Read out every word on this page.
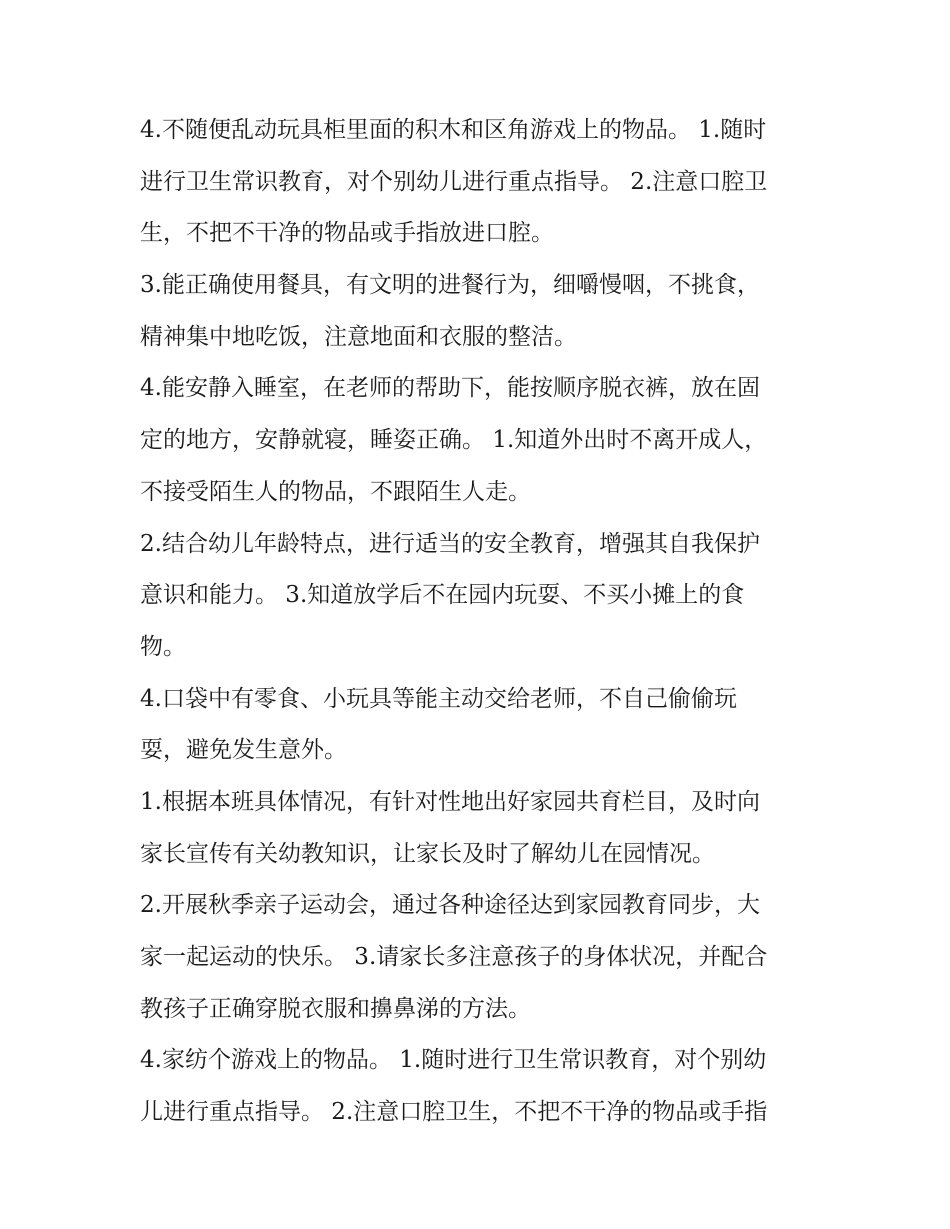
4.不随便乱动玩具柜里面的积木和区角游戏上的物品。 1.随时
进行卫生常识教育，对个别幼儿进行重点指导。 2.注意口腔卫
生，不把不干净的物品或手指放进口腔。
3.能正确使用餐具，有文明的进餐行为，细嚼慢咽，不挑食，
精神集中地吃饭，注意地面和衣服的整洁。
4.能安静入睡室，在老师的帮助下，能按顺序脱衣裤，放在固
定的地方，安静就寝，睡姿正确。 1.知道外出时不离开成人，
不接受陌生人的物品，不跟陌生人走。
2.结合幼儿年龄特点，进行适当的安全教育，增强其自我保护
意识和能力。 3.知道放学后不在园内玩耍、不买小摊上的食
物。
4.口袋中有零食、小玩具等能主动交给老师，不自己偷偷玩
耍，避免发生意外。
1.根据本班具体情况，有针对性地出好家园共育栏目，及时向
家长宣传有关幼教知识，让家长及时了解幼儿在园情况。
2.开展秋季亲子运动会，通过各种途径达到家园教育同步，大
家一起运动的快乐。 3.请家长多注意孩子的身体状况，并配合
教孩子正确穿脱衣服和擤鼻涕的方法。
4.家纺个游戏上的物品。 1.随时进行卫生常识教育，对个别幼
儿进行重点指导。 2.注意口腔卫生，不把不干净的物品或手指
